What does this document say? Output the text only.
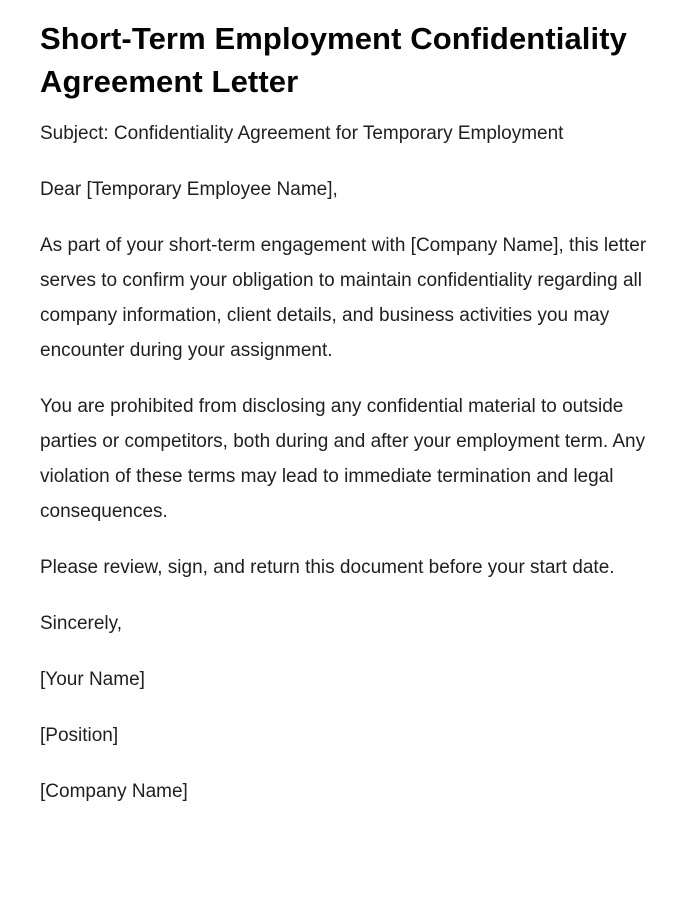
Short-Term Employment Confidentiality Agreement Letter

Subject: Confidentiality Agreement for Temporary Employment

Dear [Temporary Employee Name],

As part of your short-term engagement with [Company Name], this letter serves to confirm your obligation to maintain confidentiality regarding all company information, client details, and business activities you may encounter during your assignment.

You are prohibited from disclosing any confidential material to outside parties or competitors, both during and after your employment term. Any violation of these terms may lead to immediate termination and legal consequences.

Please review, sign, and return this document before your start date.

Sincerely,

[Your Name]

[Position]

[Company Name]
